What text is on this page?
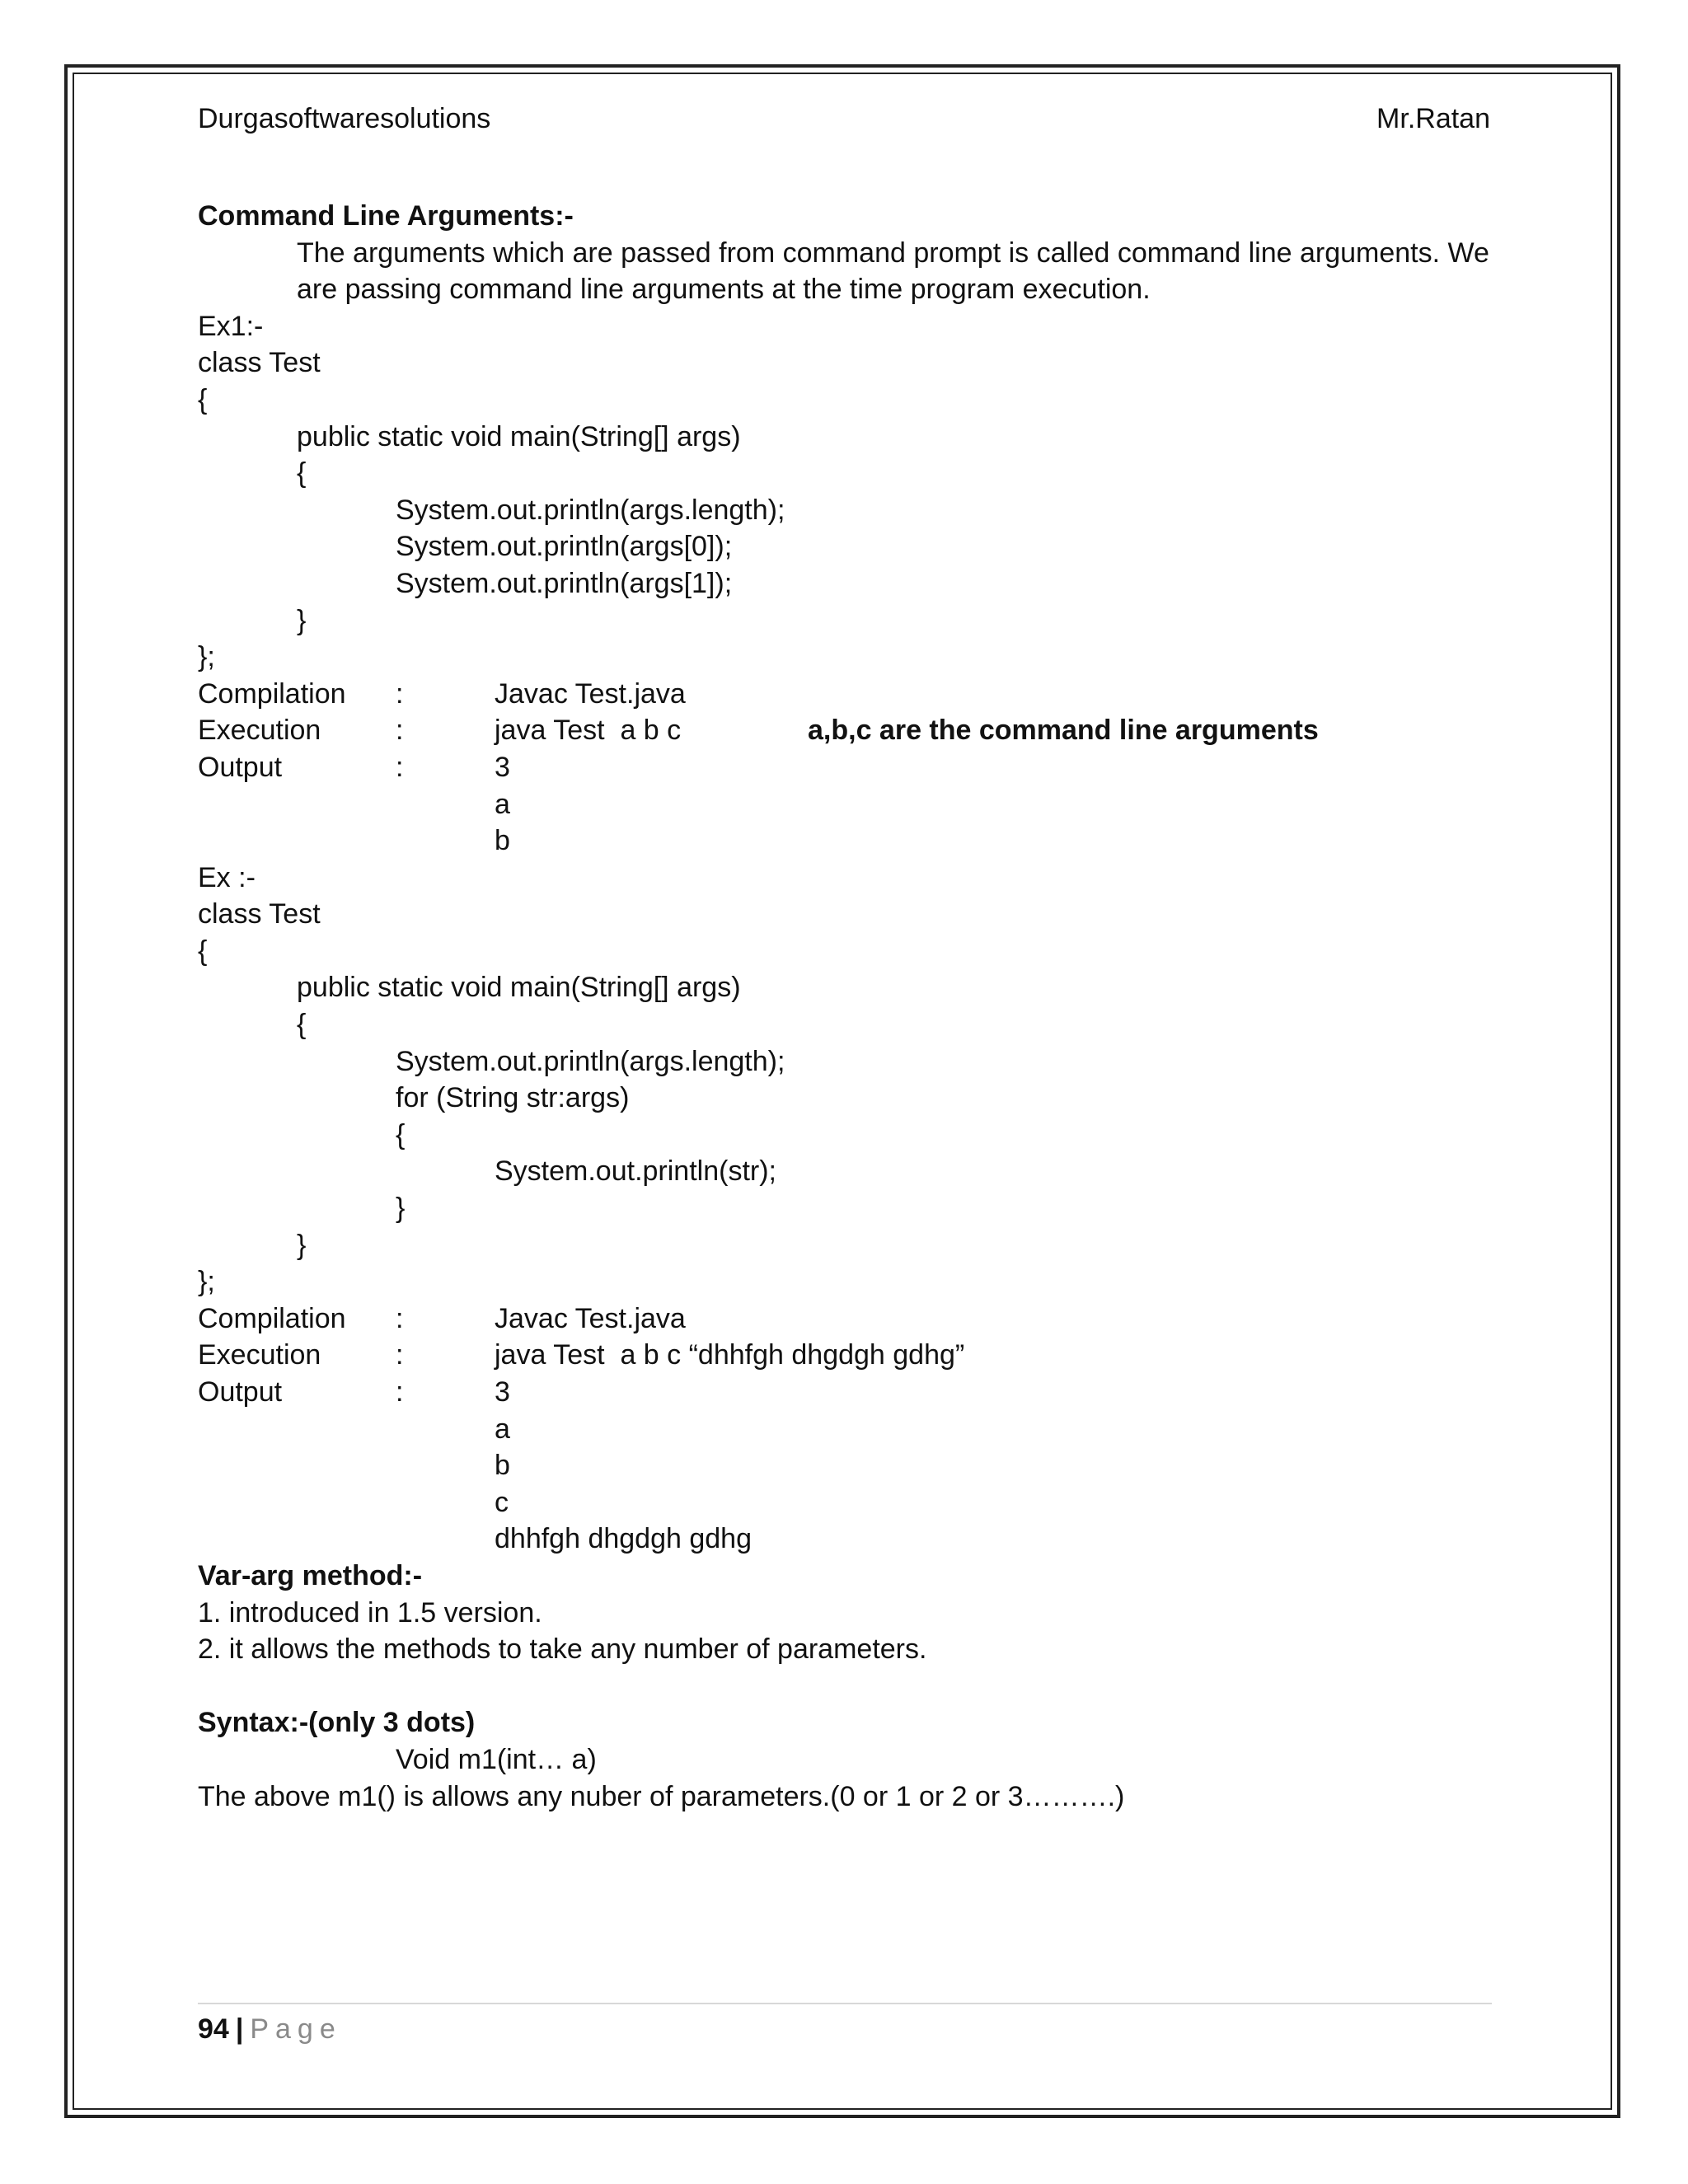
Durgasoftwaresolutions	Mr.Ratan
Command Line Arguments:-
The arguments which are passed from command prompt is called command line arguments. We are passing command line arguments at the time program execution.
Ex1:-
class Test
{
public static void main(String[] args)
{
System.out.println(args.length);
System.out.println(args[0]);
System.out.println(args[1]);
}
};
Compilation :	Javac Test.java
Execution	:	java Test  a b c	a,b,c are the command line arguments
Output	:	3
a
b
Ex :-
class Test
{
public static void main(String[] args)
{
System.out.println(args.length);
for (String str:args)
{
System.out.println(str);
}
}
};
Compilation :	Javac Test.java
Execution	:	java Test  a b c “dhhfgh dhgdgh gdhg”
Output	:	3
a
b
c
dhhfgh dhgdgh gdhg
Var-arg method:-
1. introduced in 1.5 version.
2. it allows the methods to take any number of parameters.
Syntax:-(only 3 dots)
Void m1(int… a)
The above m1() is allows any nuber of parameters.(0 or 1 or 2 or 3……….)
94 | Page
